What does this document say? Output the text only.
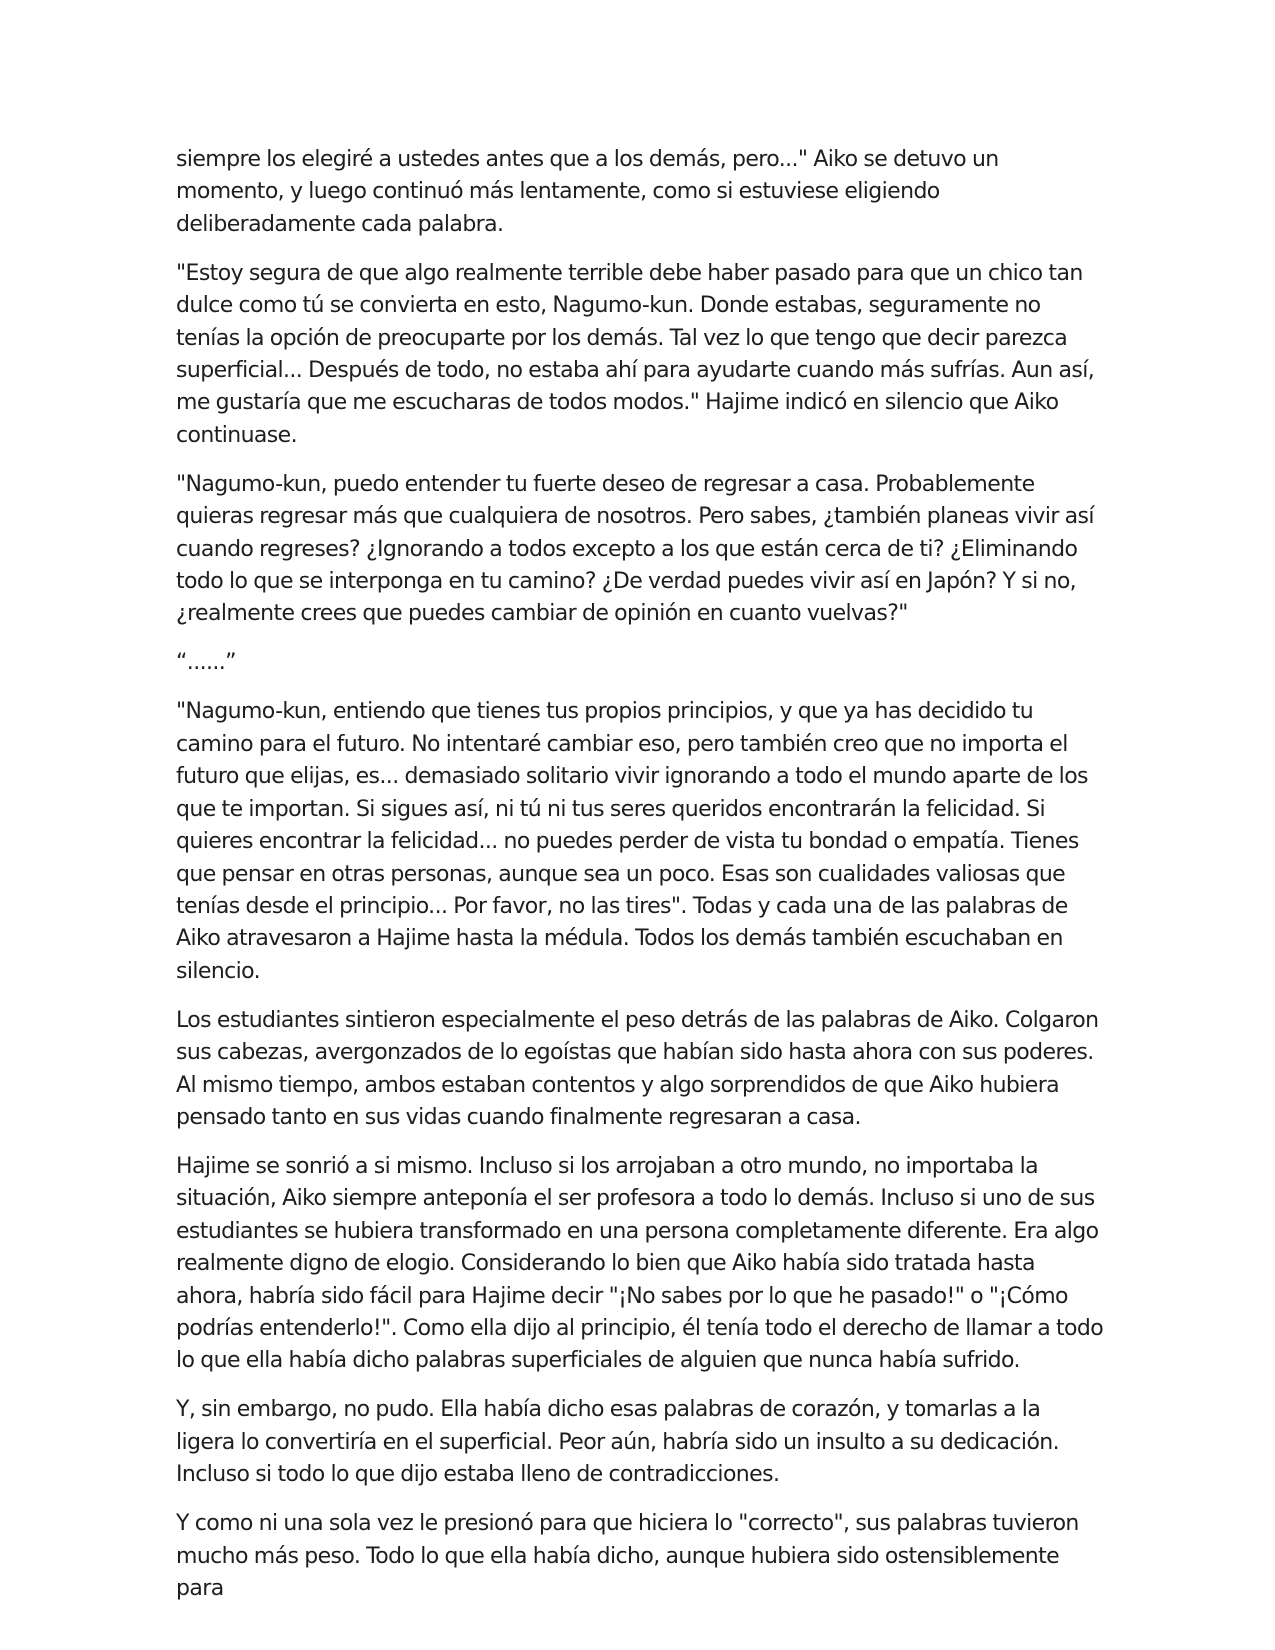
siempre los elegiré a ustedes antes que a los demás, pero..." Aiko se detuvo un momento, y luego continuó más lentamente, como si estuviese eligiendo deliberadamente cada palabra.

"Estoy segura de que algo realmente terrible debe haber pasado para que un chico tan dulce como tú se convierta en esto, Nagumo-kun. Donde estabas, seguramente no tenías la opción de preocuparte por los demás. Tal vez lo que tengo que decir parezca superficial... Después de todo, no estaba ahí para ayudarte cuando más sufrías. Aun así, me gustaría que me escucharas de todos modos." Hajime indicó en silencio que Aiko continuase.

"Nagumo-kun, puedo entender tu fuerte deseo de regresar a casa. Probablemente quieras regresar más que cualquiera de nosotros. Pero sabes, ¿también planeas vivir así cuando regreses? ¿Ignorando a todos excepto a los que están cerca de ti? ¿Eliminando todo lo que se interponga en tu camino? ¿De verdad puedes vivir así en Japón? Y si no, ¿realmente crees que puedes cambiar de opinión en cuanto vuelvas?"

“......”

"Nagumo-kun, entiendo que tienes tus propios principios, y que ya has decidido tu camino para el futuro. No intentaré cambiar eso, pero también creo que no importa el futuro que elijas, es... demasiado solitario vivir ignorando a todo el mundo aparte de los que te importan. Si sigues así, ni tú ni tus seres queridos encontrarán la felicidad. Si quieres encontrar la felicidad... no puedes perder de vista tu bondad o empatía. Tienes que pensar en otras personas, aunque sea un poco. Esas son cualidades valiosas que tenías desde el principio... Por favor, no las tires". Todas y cada una de las palabras de Aiko atravesaron a Hajime hasta la médula. Todos los demás también escuchaban en silencio.

Los estudiantes sintieron especialmente el peso detrás de las palabras de Aiko. Colgaron sus cabezas, avergonzados de lo egoístas que habían sido hasta ahora con sus poderes. Al mismo tiempo, ambos estaban contentos y algo sorprendidos de que Aiko hubiera pensado tanto en sus vidas cuando finalmente regresaran a casa.

Hajime se sonrió a si mismo. Incluso si los arrojaban a otro mundo, no importaba la situación, Aiko siempre anteponía el ser profesora a todo lo demás. Incluso si uno de sus estudiantes se hubiera transformado en una persona completamente diferente. Era algo realmente digno de elogio. Considerando lo bien que Aiko había sido tratada hasta ahora, habría sido fácil para Hajime decir "¡No sabes por lo que he pasado!" o "¡Cómo podrías entenderlo!". Como ella dijo al principio, él tenía todo el derecho de llamar a todo lo que ella había dicho palabras superficiales de alguien que nunca había sufrido.

Y, sin embargo, no pudo. Ella había dicho esas palabras de corazón, y tomarlas a la ligera lo convertiría en el superficial. Peor aún, habría sido un insulto a su dedicación. Incluso si todo lo que dijo estaba lleno de contradicciones.

Y como ni una sola vez le presionó para que hiciera lo "correcto", sus palabras tuvieron mucho más peso. Todo lo que ella había dicho, aunque hubiera sido ostensiblemente para
